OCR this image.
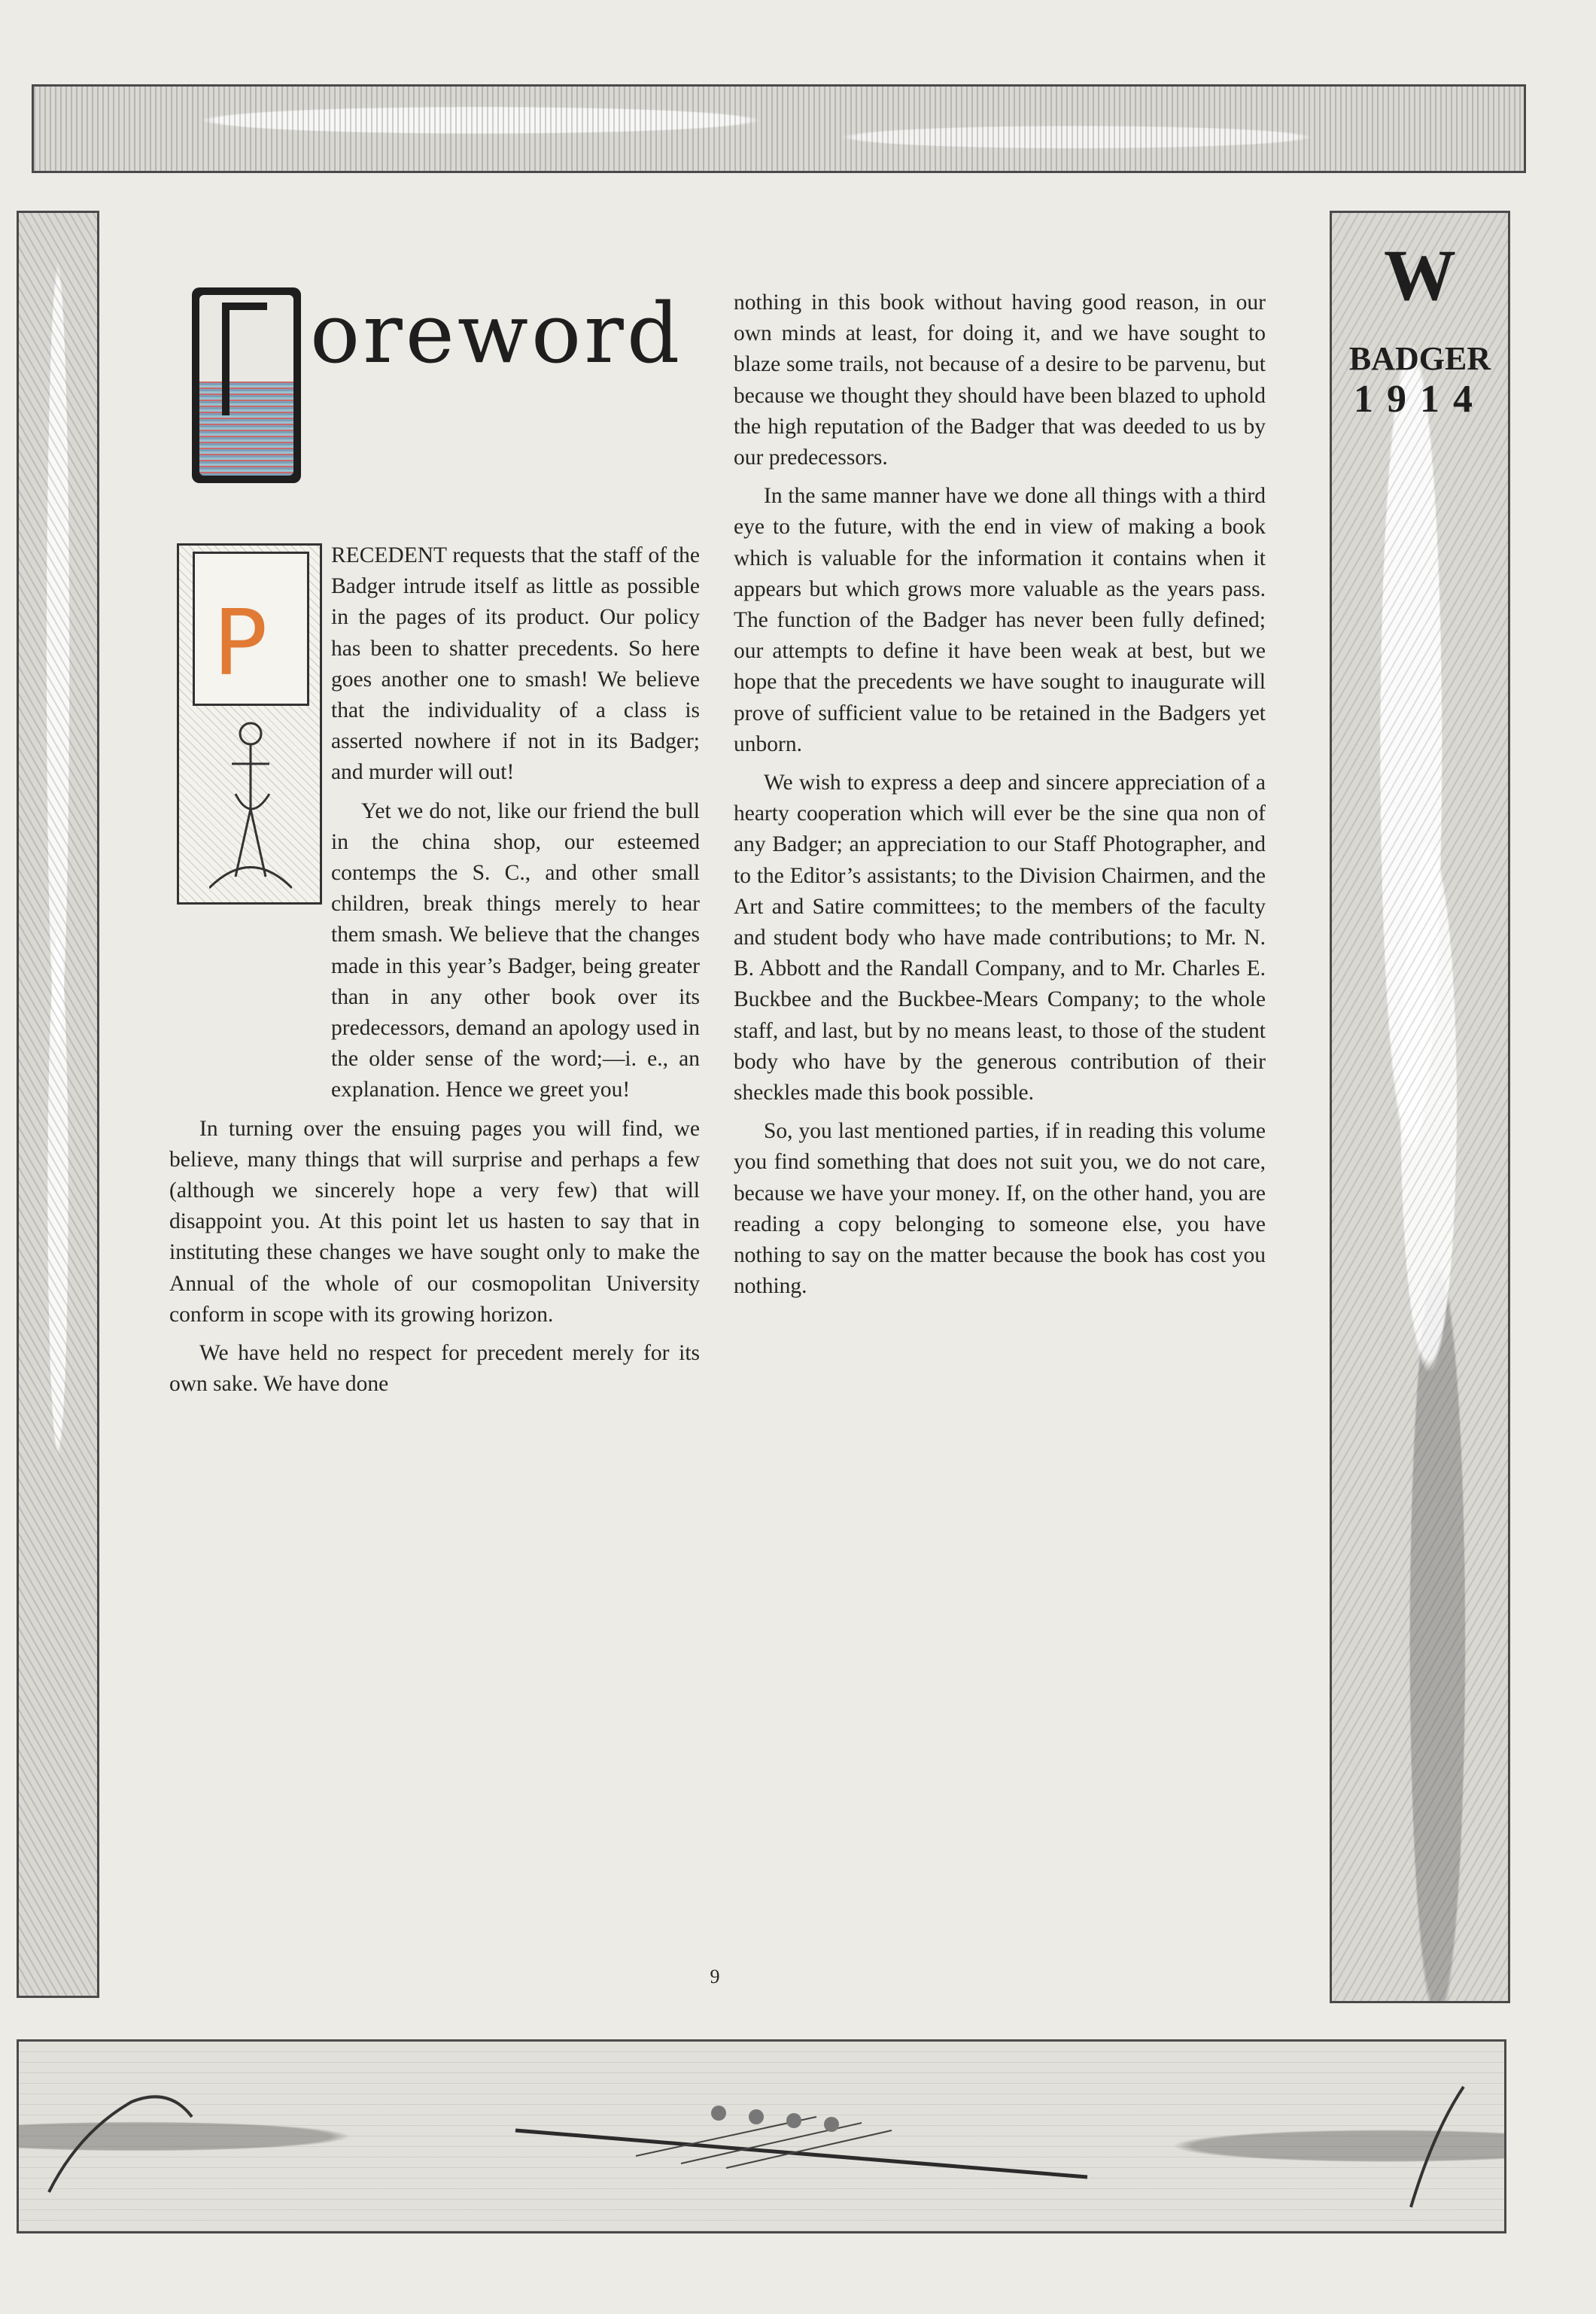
W
BADGER
1914
oreword
P

RECEDENT requests that the staff of the Badger intrude itself as little as possible in the pages of its product. Our policy has been to shatter precedents. So here goes another one to smash! We believe that the individuality of a class is asserted nowhere if not in its Badger; and murder will out!

Yet we do not, like our friend the bull in the china shop, our esteemed contemps the S. C., and other small children, break things merely to hear them smash. We believe that the changes made in this year’s Badger, being greater than in any other book over its predecessors, demand an apology used in the older sense of the word;—i. e., an explanation. Hence we greet you!

In turning over the ensuing pages you will find, we believe, many things that will surprise and perhaps a few (although we sincerely hope a very few) that will disappoint you. At this point let us hasten to say that in instituting these changes we have sought only to make the Annual of the whole of our cosmopolitan University conform in scope with its growing horizon.

We have held no respect for precedent merely for its own sake. We have done

nothing in this book without having good reason, in our own minds at least, for doing it, and we have sought to blaze some trails, not because of a desire to be parvenu, but because we thought they should have been blazed to uphold the high reputation of the Badger that was deeded to us by our predecessors.

In the same manner have we done all things with a third eye to the future, with the end in view of making a book which is valuable for the information it contains when it appears but which grows more valuable as the years pass. The function of the Badger has never been fully defined; our attempts to define it have been weak at best, but we hope that the precedents we have sought to inaugurate will prove of sufficient value to be retained in the Badgers yet unborn.

We wish to express a deep and sincere appreciation of a hearty cooperation which will ever be the sine qua non of any Badger; an appreciation to our Staff Photographer, and to the Editor’s assistants; to the Division Chairmen, and the Art and Satire committees; to the members of the faculty and student body who have made contributions; to Mr. N. B. Abbott and the Randall Company, and to Mr. Charles E. Buckbee and the Buckbee-Mears Company; to the whole staff, and last, but by no means least, to those of the student body who have by the generous contribution of their sheckles made this book possible.

So, you last mentioned parties, if in reading this volume you find something that does not suit you, we do not care, because we have your money. If, on the other hand, you are reading a copy belonging to someone else, you have nothing to say on the matter because the book has cost you nothing.

9
